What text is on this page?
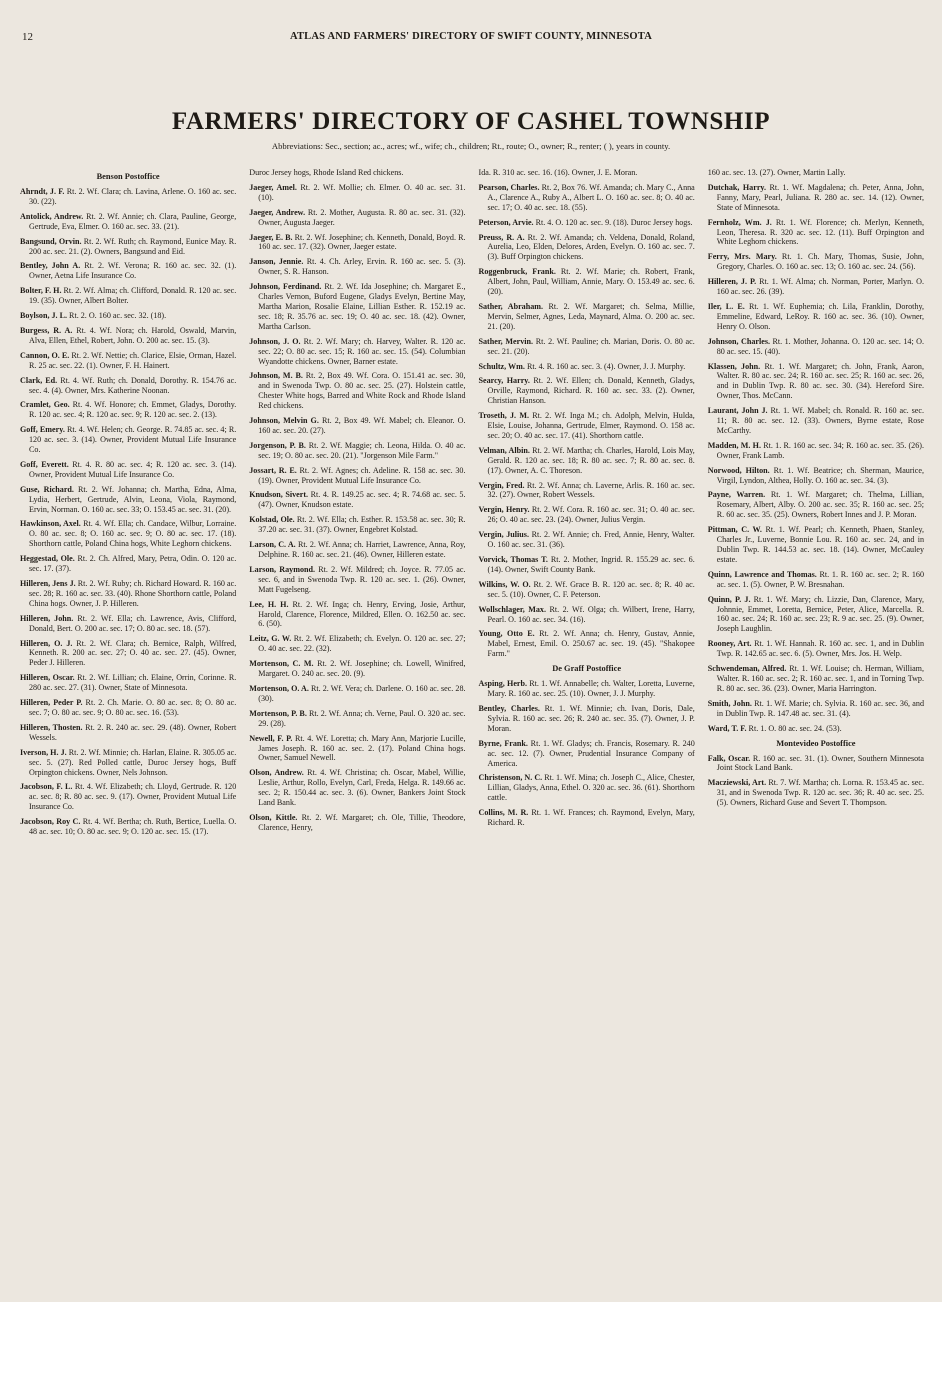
12	ATLAS AND FARMERS' DIRECTORY OF SWIFT COUNTY, MINNESOTA
FARMERS' DIRECTORY OF CASHEL TOWNSHIP
Abbreviations: Sec., section; ac., acres; wf., wife; ch., children; Rt., route; O., owner; R., renter; ( ), years in county.
Benson Postoffice
Ahrndt, J. F. Rt. 2. Wf. Clara; ch. Lavina, Arlene. O. 160 ac. sec. 30. (22).
Antolick, Andrew. Rt. 2. Wf. Annie; ch. Clara, Pauline, George, Gertrude, Eva, Elmer. O. 160 ac. sec. 33. (21).
Bangsund, Orvin. Rt. 2. Wf. Ruth; ch. Raymond, Eunice May. R. 200 ac. sec. 21. (2). Owners, Bangsund and Eid.
Bentley, John A. Rt. 2. Wf. Verona; R. 160 ac. sec. 32. (1). Owner, Aetna Life Insurance Co.
Bolter, F. H. Rt. 2. Wf. Alma; ch. Clifford, Donald. R. 120 ac. sec. 19. (35). Owner, Albert Bolter.
Boylson, J. L. Rt. 2. O. 160 ac. sec. 32. (18).
Burgess, R. A. Rt. 4. Wf. Nora; ch. Harold, Oswald, Marvin, Alva, Ellen, Ethel, Robert, John. O. 200 ac. sec. 15. (3).
Cannon, O. E. Rt. 2. Wf. Nettie; ch. Clarice, Elsie, Orman, Hazel. R. 25 ac. sec. 22. (1). Owner, F. H. Hainert.
Clark, Ed. Rt. 4. Wf. Ruth; ch. Donald, Dorothy. R. 154.76 ac. sec. 4. (4). Owner, Mrs. Katherine Noonan.
Cramlet, Geo. Rt. 4. Wf. Honore; ch. Emmet, Gladys, Dorothy. R. 120 ac. sec. 4; R. 120 ac. sec. 9; R. 120 ac. sec. 2. (13).
Goff, Emery. Rt. 4. Wf. Helen; ch. George. R. 74.85 ac. sec. 4; R. 120 ac. sec. 3. (14). Owner, Provident Mutual Life Insurance Co.
Goff, Everett. Rt. 4. R. 80 ac. sec. 4; R. 120 ac. sec. 3. (14). Owner, Provident Mutual Life Insurance Co.
Guse, Richard. Rt. 2. Wf. Johanna; ch. Martha, Edna, Alma, Lydia, Herbert, Gertrude, Alvin, Leona, Viola, Raymond, Ervin, Norman. O. 160 ac. sec. 33; O. 153.45 ac. sec. 31. (20).
Hawkinson, Axel. Rt. 4. Wf. Ella; ch. Candace, Wilbur, Lorraine. O. 80 ac. sec. 8; O. 160 ac. sec. 9; O. 80 ac. sec. 17. (18). Shorthorn cattle, Poland China hogs, White Leghorn chickens.
Heggestad, Ole. Rt. 2. Ch. Alfred, Mary, Petra, Odin. O. 120 ac. sec. 17. (37).
Hilleren, Jens J. Rt. 2. Wf. Ruby; ch. Richard Howard. R. 160 ac. sec. 28; R. 160 ac. sec. 33. (40). Rhone Shorthorn cattle, Poland China hogs. Owner, J. P. Hilleren.
Hilleren, John. Rt. 2. Wf. Ella; ch. Lawrence, Avis, Clifford, Donald, Bert. O. 200 ac. sec. 17; O. 80 ac. sec. 18. (57).
Hilleren, O. J. Rt. 2. Wf. Clara; ch. Bernice, Ralph, Wilfred, Kenneth. R. 200 ac. sec. 27; O. 40 ac. sec. 27. (45). Owner, Peder J. Hilleren.
Hilleren, Oscar. Rt. 2. Wf. Lillian; ch. Elaine, Orrin, Corinne. R. 280 ac. sec. 27. (31). Owner, State of Minnesota.
Hilleren, Peder P. Rt. 2. Ch. Marie. O. 80 ac. sec. 8; O. 80 ac. sec. 7; O. 80 ac. sec. 9; O. 80 ac. sec. 16. (53).
Hilleren, Thosten. Rt. 2. R. 240 ac. sec. 29. (48). Owner, Robert Wessels.
Iverson, H. J. Rt. 2. Wf. Minnie; ch. Harlan, Elaine. R. 305.05 ac. sec. 5. (27). Red Polled cattle, Duroc Jersey hogs, Buff Orpington chickens. Owner, Nels Johnson.
Jacobson, F. L. Rt. 4. Wf. Elizabeth; ch. Lloyd, Gertrude. R. 120 ac. sec. 8; R. 80 ac. sec. 9. (17). Owner, Provident Mutual Life Insurance Co.
Jacobson, Roy C. Rt. 4. Wf. Bertha; ch. Ruth, Bertice, Luella. O. 48 ac. sec. 10; O. 80 ac. sec. 9; O. 120 ac. sec. 15. (17).
Duroc Jersey hogs, Rhode Island Red chickens.
Jaeger, Amel. Rt. 2. Wf. Mollie; ch. Elmer. O. 40 ac. sec. 31. (10).
Jaeger, Andrew. Rt. 2. Mother, Augusta. R. 80 ac. sec. 31. (32). Owner, Augusta Jaeger.
Jaeger, E. B. Rt. 2. Wf. Josephine; ch. Kenneth, Donald, Boyd. R. 160 ac. sec. 17. (32). Owner, Jaeger estate.
Janson, Jennie. Rt. 4. Ch. Arley, Ervin. R. 160 ac. sec. 5. (3). Owner, S. R. Hanson.
Johnson, Ferdinand. Rt. 2. Wf. Ida Josephine; ch. Margaret E., Charles Vernon, Buford Eugene, Gladys Evelyn, Bertine May, Martha Marion, Rosalie Elaine, Lillian Esther. R. 152.19 ac. sec. 18; R. 35.76 ac. sec. 19; O. 40 ac. sec. 18. (42). Owner, Martha Carlson.
Johnson, J. O. Rt. 2. Wf. Mary; ch. Harvey, Walter. R. 120 ac. sec. 22; O. 80 ac. sec. 15; R. 160 ac. sec. 15. (54). Columbian Wyandotte chickens. Owner, Barner estate.
Johnson, M. B. Rt. 2, Box 49. Wf. Cora. O. 151.41 ac. sec. 30, and in Swenoda Twp. O. 80 ac. sec. 25. (27). Holstein cattle, Chester White hogs, Barred and White Rock and Rhode Island Red chickens.
Johnson, Melvin G. Rt. 2, Box 49. Wf. Mabel; ch. Eleanor. O. 160 ac. sec. 20. (27).
Jorgenson, P. B. Rt. 2. Wf. Maggie; ch. Leona, Hilda. O. 40 ac. sec. 19; O. 80 ac. sec. 20. (21). "Jorgenson Mile Farm."
Jossart, R. E. Rt. 2. Wf. Agnes; ch. Adeline. R. 158 ac. sec. 30. (19). Owner, Provident Mutual Life Insurance Co.
Knudson, Sivert. Rt. 4. R. 149.25 ac. sec. 4; R. 74.68 ac. sec. 5. (47). Owner, Knudson estate.
Kolstad, Ole. Rt. 2. Wf. Ella; ch. Esther. R. 153.58 ac. sec. 30; R. 37.20 ac. sec. 31. (37). Owner, Engebret Kolstad.
Larson, C. A. Rt. 2. Wf. Anna; ch. Harriet, Lawrence, Anna, Roy, Delphine. R. 160 ac. sec. 21. (46). Owner, Hilleren estate.
Larson, Raymond. Rt. 2. Wf. Mildred; ch. Joyce. R. 77.05 ac. sec. 6, and in Swenoda Twp. R. 120 ac. sec. 1. (26). Owner, Matt Fugelseng.
Lee, H. H. Rt. 2. Wf. Inga; ch. Henry, Erving, Josie, Arthur, Harold, Clarence, Florence, Mildred, Ellen. O. 162.50 ac. sec. 6. (50).
Leitz, G. W. Rt. 2. Wf. Elizabeth; ch. Evelyn. O. 120 ac. sec. 27; O. 40 ac. sec. 22. (32).
Mortenson, C. M. Rt. 2. Wf. Josephine; ch. Lowell, Winifred, Margaret. O. 240 ac. sec. 20. (9).
Mortenson, O. A. Rt. 2. Wf. Vera; ch. Darlene. O. 160 ac. sec. 28. (30).
Mortenson, P. B. Rt. 2. Wf. Anna; ch. Verne, Paul. O. 320 ac. sec. 29. (28).
Newell, F. P. Rt. 4. Wf. Loretta; ch. Mary Ann, Marjorie Lucille, James Joseph. R. 160 ac. sec. 2. (17). Poland China hogs. Owner, Samuel Newell.
Olson, Andrew. Rt. 4. Wf. Christina; ch. Oscar, Mabel, Willie, Leslie, Arthur, Rollo, Evelyn, Carl, Freda, Helga. R. 149.66 ac. sec. 2; R. 150.44 ac. sec. 3. (6). Owner, Bankers Joint Stock Land Bank.
Olson, Kittle. Rt. 2. Wf. Margaret; ch. Ole, Tillie, Theodore, Clarence, Henry,
Ida. R. 310 ac. sec. 16. (16). Owner, J. E. Moran.
Pearson, Charles. Rt. 2, Box 76. Wf. Amanda; ch. Mary C., Anna A., Clarence A., Ruby A., Albert L. O. 160 ac. sec. 8; O. 40 ac. sec. 17; O. 40 ac. sec. 18. (55).
Peterson, Arvie. Rt. 4. O. 120 ac. sec. 9. (18). Duroc Jersey hogs.
Preuss, R. A. Rt. 2. Wf. Amanda; ch. Veldena, Donald, Roland, Aurelia, Leo, Elden, Delores, Arden, Evelyn. O. 160 ac. sec. 7. (3). Buff Orpington chickens.
Roggenbruck, Frank. Rt. 2. Wf. Marie; ch. Robert, Frank, Albert, John, Paul, William, Annie, Mary. O. 153.49 ac. sec. 6. (20).
Sather, Abraham. Rt. 2. Wf. Margaret; ch. Selma, Millie, Mervin, Selmer, Agnes, Leda, Maynard, Alma. O. 200 ac. sec. 21. (20).
Sather, Mervin. Rt. 2. Wf. Pauline; ch. Marian, Doris. O. 80 ac. sec. 21. (20).
Schultz, Wm. Rt. 4. R. 160 ac. sec. 3. (4). Owner, J. J. Murphy.
Searcy, Harry. Rt. 2. Wf. Ellen; ch. Donald, Kenneth, Gladys, Orville, Raymond, Richard. R. 160 ac. sec. 33. (2). Owner, Christian Hanson.
Troseth, J. M. Rt. 2. Wf. Inga M.; ch. Adolph, Melvin, Hulda, Elsie, Louise, Johanna, Gertrude, Elmer, Raymond. O. 158 ac. sec. 20; O. 40 ac. sec. 17. (41). Shorthorn cattle.
Velman, Albin. Rt. 2. Wf. Martha; ch. Charles, Harold, Lois May, Gerald. R. 120 ac. sec. 18; R. 80 ac. sec. 7; R. 80 ac. sec. 8. (17). Owner, A. C. Thoreson.
Vergin, Fred. Rt. 2. Wf. Anna; ch. Laverne, Arlis. R. 160 ac. sec. 32. (27). Owner, Robert Wessels.
Vergin, Henry. Rt. 2. Wf. Cora. R. 160 ac. sec. 31; O. 40 ac. sec. 26; O. 40 ac. sec. 23. (24). Owner, Julius Vergin.
Vergin, Julius. Rt. 2. Wf. Annie; ch. Fred, Annie, Henry, Walter. O. 160 ac. sec. 31. (36).
Vorvick, Thomas T. Rt. 2. Mother, Ingrid. R. 155.29 ac. sec. 6. (14). Owner, Swift County Bank.
Wilkins, W. O. Rt. 2. Wf. Grace B. R. 120 ac. sec. 8; R. 40 ac. sec. 5. (10). Owner, C. F. Peterson.
Wollschlager, Max. Rt. 2. Wf. Olga; ch. Wilbert, Irene, Harry, Pearl. O. 160 ac. sec. 34. (16).
Young, Otto E. Rt. 2. Wf. Anna; ch. Henry, Gustav, Annie, Mabel, Ernest, Emil. O. 250.67 ac. sec. 19. (45). "Shakopee Farm."
De Graff Postoffice
Asping, Herb. Rt. 1. Wf. Annabelle; ch. Walter, Loretta, Luverne, Mary. R. 160 ac. sec. 25. (10). Owner, J. J. Murphy.
Bentley, Charles. Rt. 1. Wf. Minnie; ch. Ivan, Doris, Dale, Sylvia. R. 160 ac. sec. 26; R. 240 ac. sec. 35. (7). Owner, J. P. Moran.
Byrne, Frank. Rt. 1. Wf. Gladys; ch. Francis, Rosemary. R. 240 ac. sec. 12. (7). Owner, Prudential Insurance Company of America.
Christenson, N. C. Rt. 1. Wf. Mina; ch. Joseph C., Alice, Chester, Lillian, Gladys, Anna, Ethel. O. 320 ac. sec. 36. (61). Shorthorn cattle.
Collins, M. R. Rt. 1. Wf. Frances; ch. Raymond, Evelyn, Mary, Richard. R.
160 ac. sec. 13. (27). Owner, Martin Lally.
Dutchak, Harry. Rt. 1. Wf. Magdalena; ch. Peter, Anna, John, Fanny, Mary, Pearl, Juliana. R. 280 ac. sec. 14. (12). Owner, State of Minnesota.
Fernholz, Wm. J. Rt. 1. Wf. Florence; ch. Merlyn, Kenneth, Leon, Theresa. R. 320 ac. sec. 12. (11). Buff Orpington and White Leghorn chickens.
Ferry, Mrs. Mary. Rt. 1. Ch. Mary, Thomas, Susie, John, Gregory, Charles. O. 160 ac. sec. 13; O. 160 ac. sec. 24. (56).
Hilleren, J. P. Rt. 1. Wf. Alma; ch. Norman, Porter, Marlyn. O. 160 ac. sec. 26. (39).
Iler, L. E. Rt. 1. Wf. Euphemia; ch. Lila, Franklin, Dorothy, Emmeline, Edward, LeRoy. R. 160 ac. sec. 36. (10). Owner, Henry O. Olson.
Johnson, Charles. Rt. 1. Mother, Johanna. O. 120 ac. sec. 14; O. 80 ac. sec. 15. (40).
Klassen, John. Rt. 1. Wf. Margaret; ch. John, Frank, Aaron, Walter. R. 80 ac. sec. 24; R. 160 ac. sec. 25; R. 160 ac. sec. 26, and in Dublin Twp. R. 80 ac. sec. 30. (34). Hereford Sire. Owner, Thos. McCann.
Laurant, John J. Rt. 1. Wf. Mabel; ch. Ronald. R. 160 ac. sec. 11; R. 80 ac. sec. 12. (33). Owners, Byrne estate, Rose McCarthy.
Madden, M. H. Rt. 1. R. 160 ac. sec. 34; R. 160 ac. sec. 35. (26). Owner, Frank Lamb.
Norwood, Hilton. Rt. 1. Wf. Beatrice; ch. Sherman, Maurice, Virgil, Lyndon, Althea, Holly. O. 160 ac. sec. 34. (3).
Payne, Warren. Rt. 1. Wf. Margaret; ch. Thelma, Lillian, Rosemary, Albert, Alby. O. 200 ac. sec. 35; R. 160 ac. sec. 25; R. 60 ac. sec. 35. (25). Owners, Robert Innes and J. P. Moran.
Pittman, C. W. Rt. 1. Wf. Pearl; ch. Kenneth, Phaen, Stanley, Charles Jr., Luverne, Bonnie Lou. R. 160 ac. sec. 24, and in Dublin Twp. R. 144.53 ac. sec. 18. (14). Owner, McCauley estate.
Quinn, Lawrence and Thomas. Rt. 1. R. 160 ac. sec. 2; R. 160 ac. sec. 1. (5). Owner, P. W. Bresnahan.
Quinn, P. J. Rt. 1. Wf. Mary; ch. Lizzie, Dan, Clarence, Mary, Johnnie, Emmet, Loretta, Bernice, Peter, Alice, Marcella. R. 160 ac. sec. 24; R. 160 ac. sec. 23; R. 9 ac. sec. 25. (9). Owner, Joseph Laughlin.
Rooney, Art. Rt. 1. Wf. Hannah. R. 160 ac. sec. 1, and in Dublin Twp. R. 142.65 ac. sec. 6. (5). Owner, Mrs. Jos. H. Welp.
Schwendeman, Alfred. Rt. 1. Wf. Louise; ch. Herman, William, Walter. R. 160 ac. sec. 2; R. 160 ac. sec. 1, and in Torning Twp. R. 80 ac. sec. 36. (23). Owner, Maria Harrington.
Smith, John. Rt. 1. Wf. Marie; ch. Sylvia. R. 160 ac. sec. 36, and in Dublin Twp. R. 147.48 ac. sec. 31. (4).
Ward, T. F. Rt. 1. O. 80 ac. sec. 24. (53).
Montevideo Postoffice
Falk, Oscar. R. 160 ac. sec. 31. (1). Owner, Southern Minnesota Joint Stock Land Bank.
Macziewski, Art. Rt. 7. Wf. Martha; ch. Lorna. R. 153.45 ac. sec. 31, and in Swenoda Twp. R. 120 ac. sec. 36; R. 40 ac. sec. 25. (5). Owners, Richard Guse and Severt T. Thompson.
